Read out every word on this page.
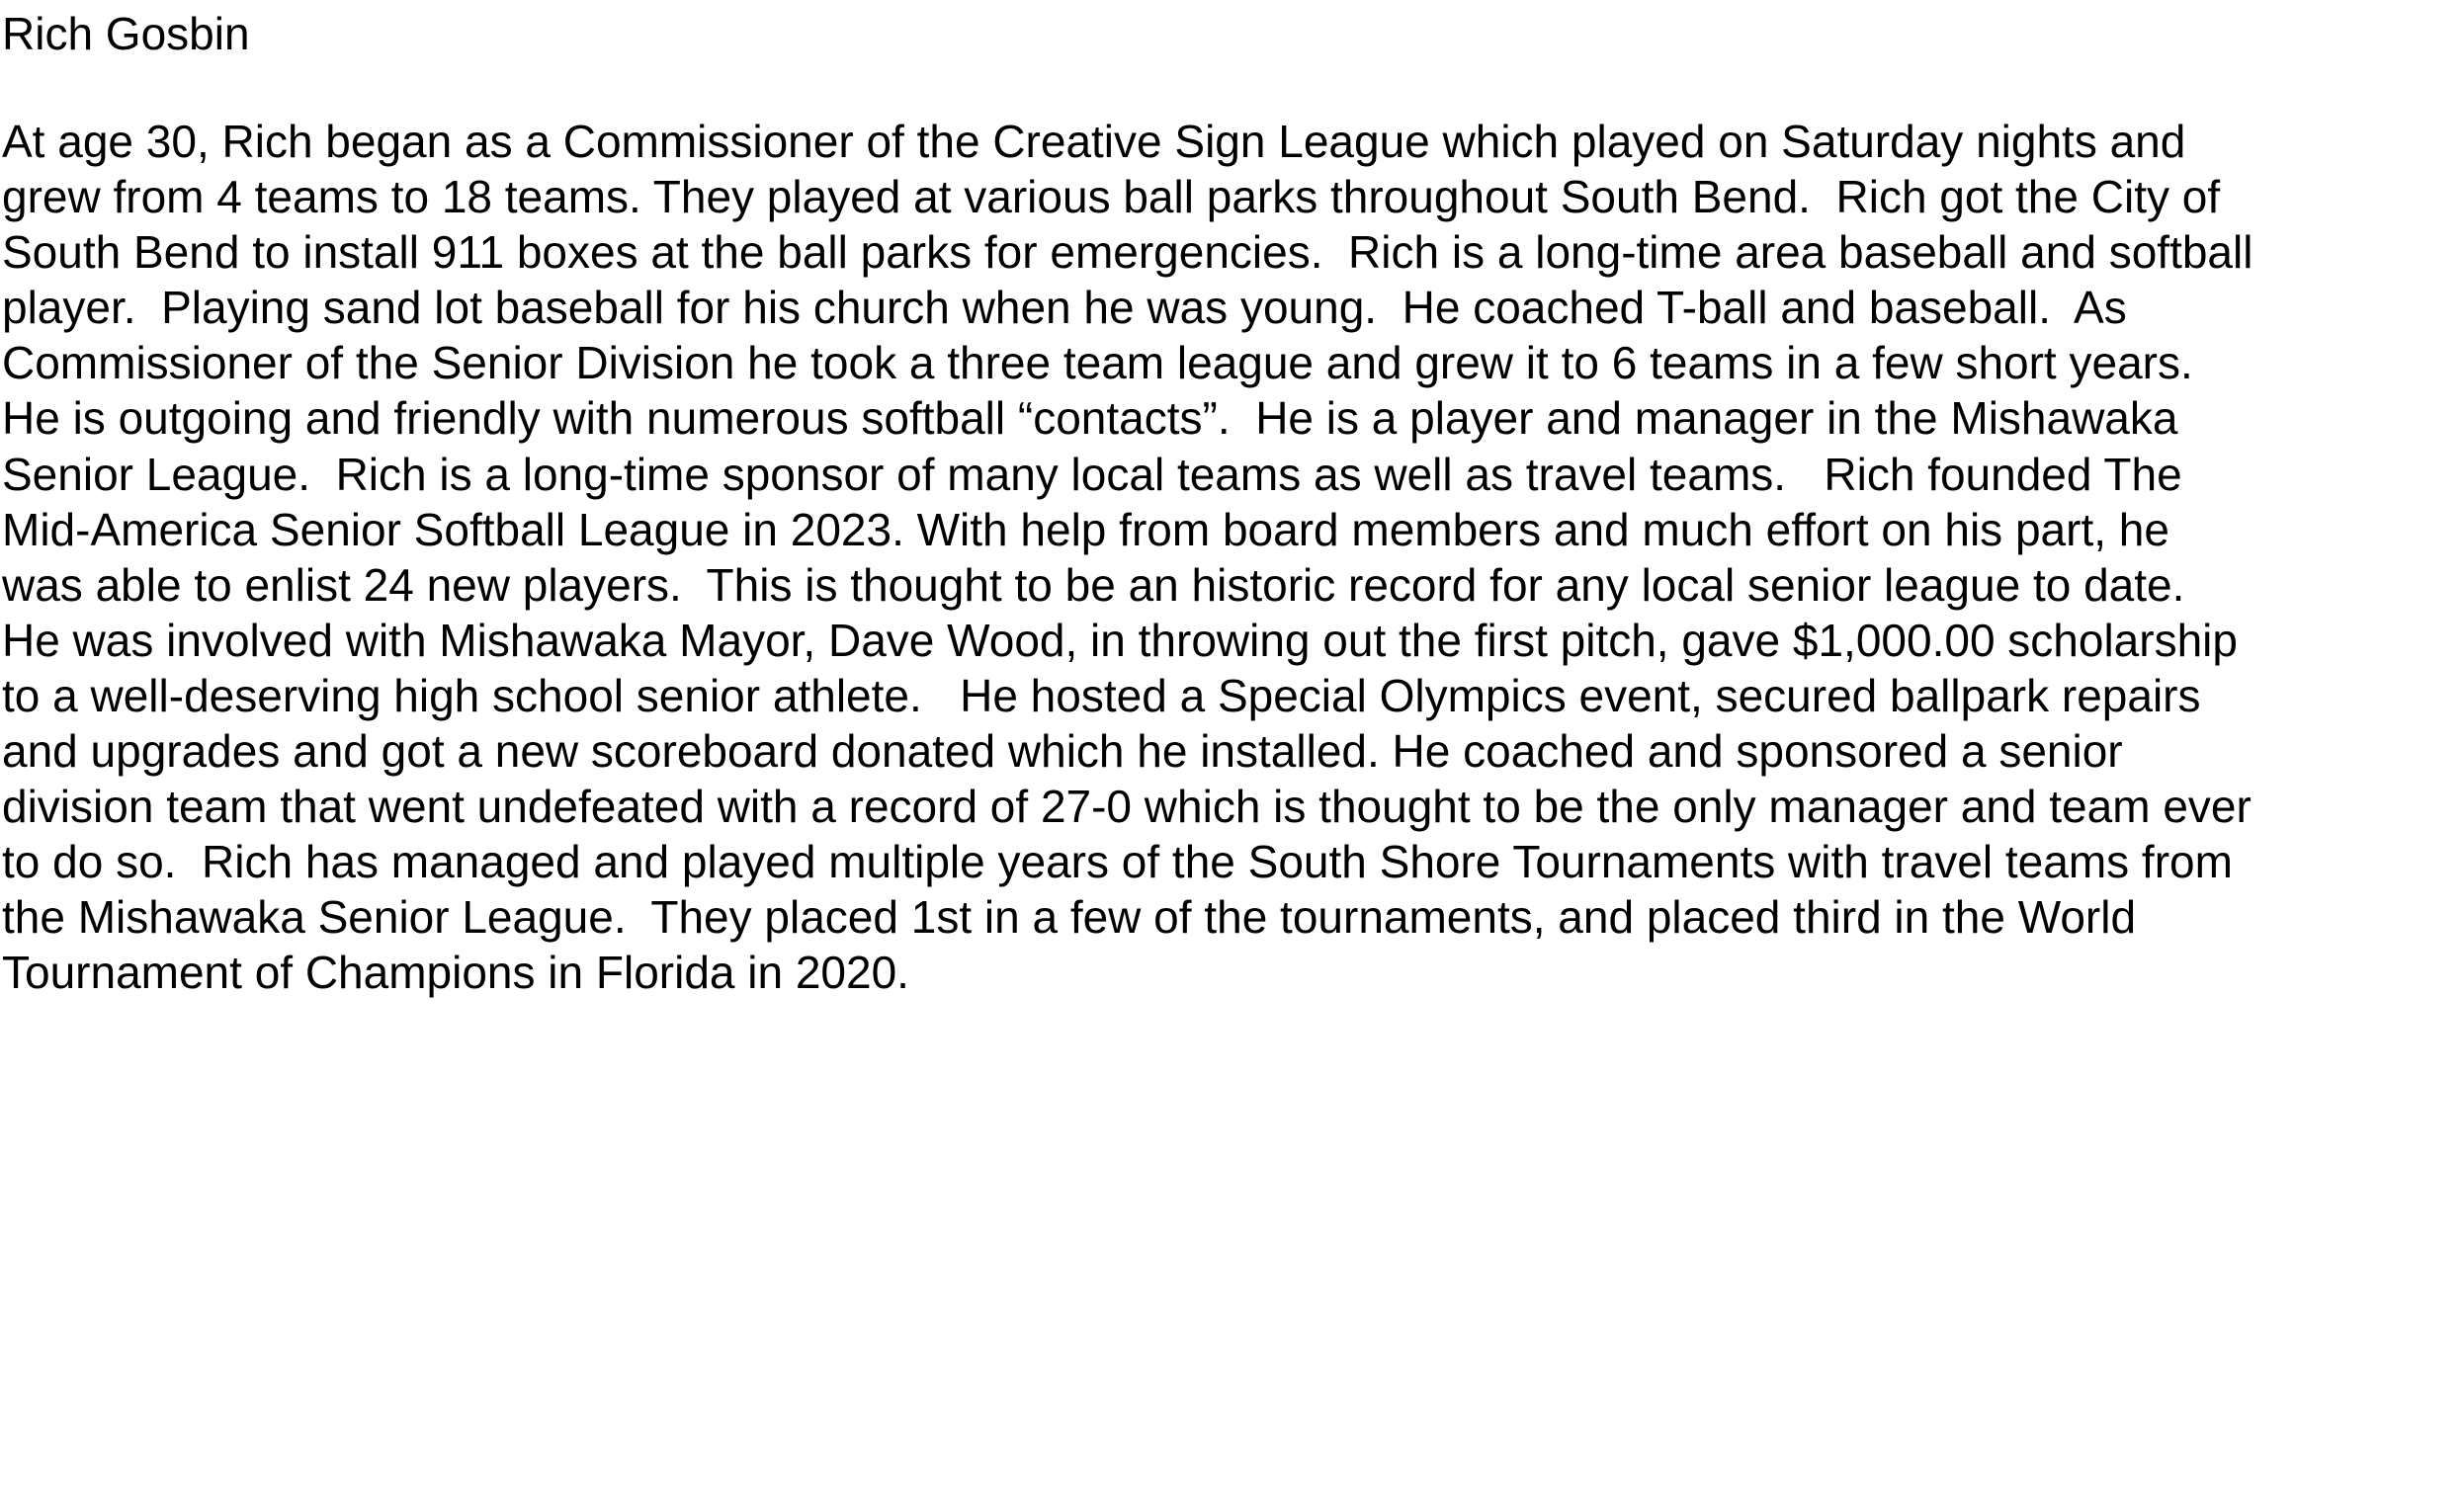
Rich Gosbin

At age 30, Rich began as a Commissioner of the Creative Sign League which played on Saturday nights and
grew from 4 teams to 18 teams. They played at various ball parks throughout South Bend.  Rich got the City of
South Bend to install 911 boxes at the ball parks for emergencies.  Rich is a long-time area baseball and softball
player.  Playing sand lot baseball for his church when he was young.  He coached T-ball and baseball.  As
Commissioner of the Senior Division he took a three team league and grew it to 6 teams in a few short years.
He is outgoing and friendly with numerous softball “contacts”.  He is a player and manager in the Mishawaka
Senior League.  Rich is a long-time sponsor of many local teams as well as travel teams.   Rich founded The
Mid-America Senior Softball League in 2023. With help from board members and much effort on his part, he
was able to enlist 24 new players.  This is thought to be an historic record for any local senior league to date.
He was involved with Mishawaka Mayor, Dave Wood, in throwing out the first pitch, gave $1,000.00 scholarship
to a well-deserving high school senior athlete.   He hosted a Special Olympics event, secured ballpark repairs
and upgrades and got a new scoreboard donated which he installed. He coached and sponsored a senior
division team that went undefeated with a record of 27-0 which is thought to be the only manager and team ever
to do so.  Rich has managed and played multiple years of the South Shore Tournaments with travel teams from
the Mishawaka Senior League.  They placed 1st in a few of the tournaments, and placed third in the World
Tournament of Champions in Florida in 2020.
